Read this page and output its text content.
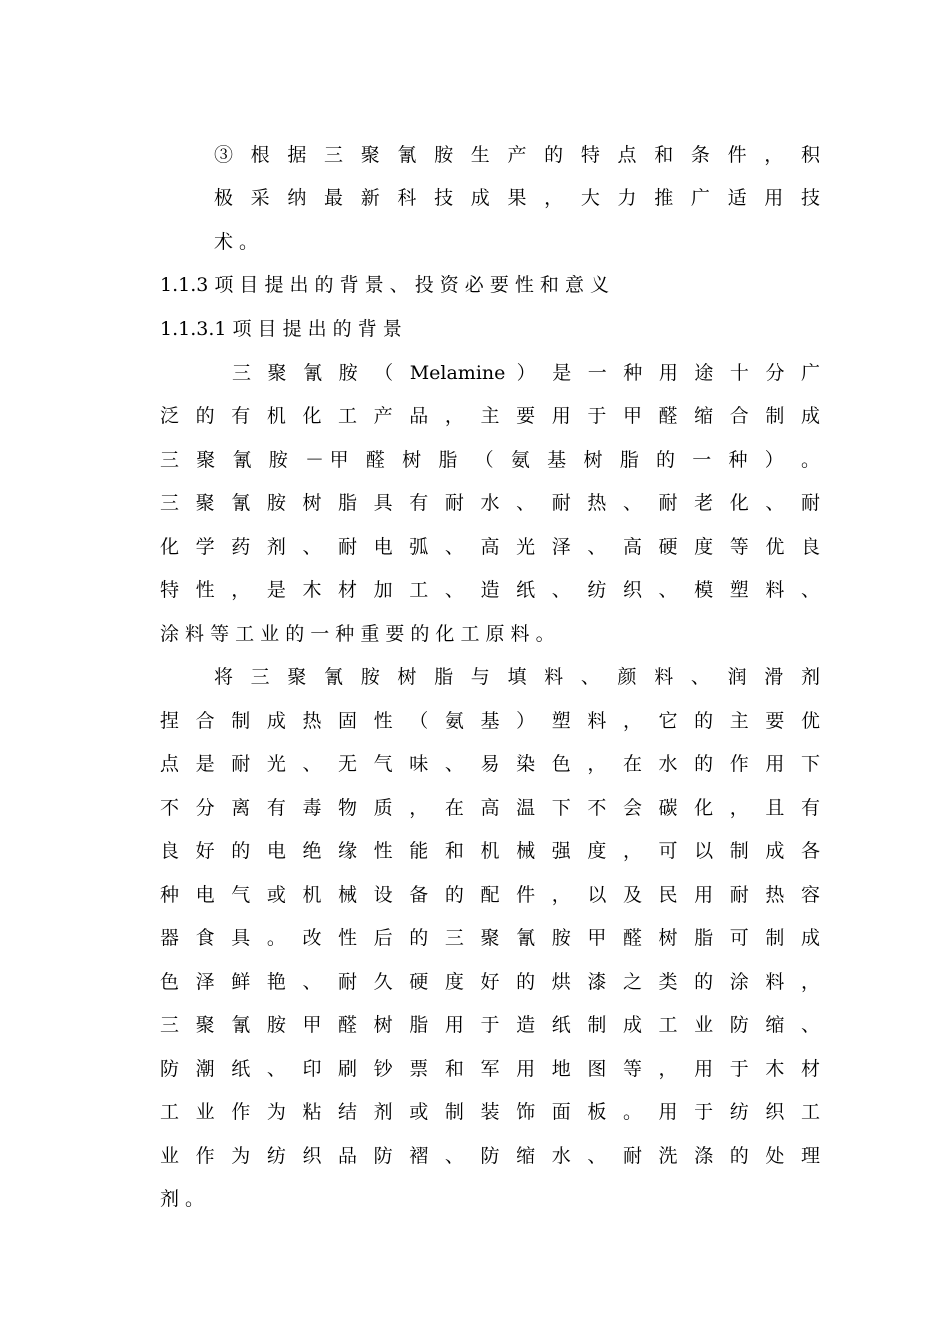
③ 根 据 三 聚 氰 胺 生 产 的 特 点 和 条 件 ， 积
极 采 纳 最 新 科 技 成 果 ， 大 力 推 广 适 用 技
术 。
1.1.3 项 目 提 出 的 背 景 、 投 资 必 要 性 和 意 义
1.1.3.1 项 目 提 出 的 背 景
三 聚 氰 胺 （ Melamine ） 是 一 种 用 途 十 分 广
泛 的 有 机 化 工 产 品 ， 主 要 用 于 甲 醛 缩 合 制 成
三 聚 氰 胺 －甲 醛 树 脂 （ 氨 基 树 脂 的 一 种 ） 。
三 聚 氰 胺 树 脂 具 有 耐 水 、 耐 热 、 耐 老 化 、 耐
化 学 药 剂 、 耐 电 弧 、 高 光 泽 、 高 硬 度 等 优 良
特 性 ， 是 木 材 加 工 、 造 纸 、 纺 织 、 模 塑 料 、
涂 料 等 工 业 的 一 种 重 要 的 化 工 原 料 。
将 三 聚 氰 胺 树 脂 与 填 料 、 颜 料 、 润 滑 剂
捏 合 制 成 热 固 性 （ 氨 基 ） 塑 料 ， 它 的 主 要 优
点 是 耐 光 、 无 气 味 、 易 染 色 ， 在 水 的 作 用 下
不 分 离 有 毒 物 质 ， 在 高 温 下 不 会 碳 化 ， 且 有
良 好 的 电 绝 缘 性 能 和 机 械 强 度 ， 可 以 制 成 各
种 电 气 或 机 械 设 备 的 配 件 ， 以 及 民 用 耐 热 容
器 食 具 。 改 性 后 的 三 聚 氰 胺 甲 醛 树 脂 可 制 成
色 泽 鲜 艳 、 耐 久 硬 度 好 的 烘 漆 之 类 的 涂 料 ，
三 聚 氰 胺 甲 醛 树 脂 用 于 造 纸 制 成 工 业 防 缩 、
防 潮 纸 、 印 刷 钞 票 和 军 用 地 图 等 ， 用 于 木 材
工 业 作 为 粘 结 剂 或 制 装 饰 面 板 。 用 于 纺 织 工
业 作 为 纺 织 品 防 褶 、 防 缩 水 、 耐 洗 涤 的 处 理
剂 。
